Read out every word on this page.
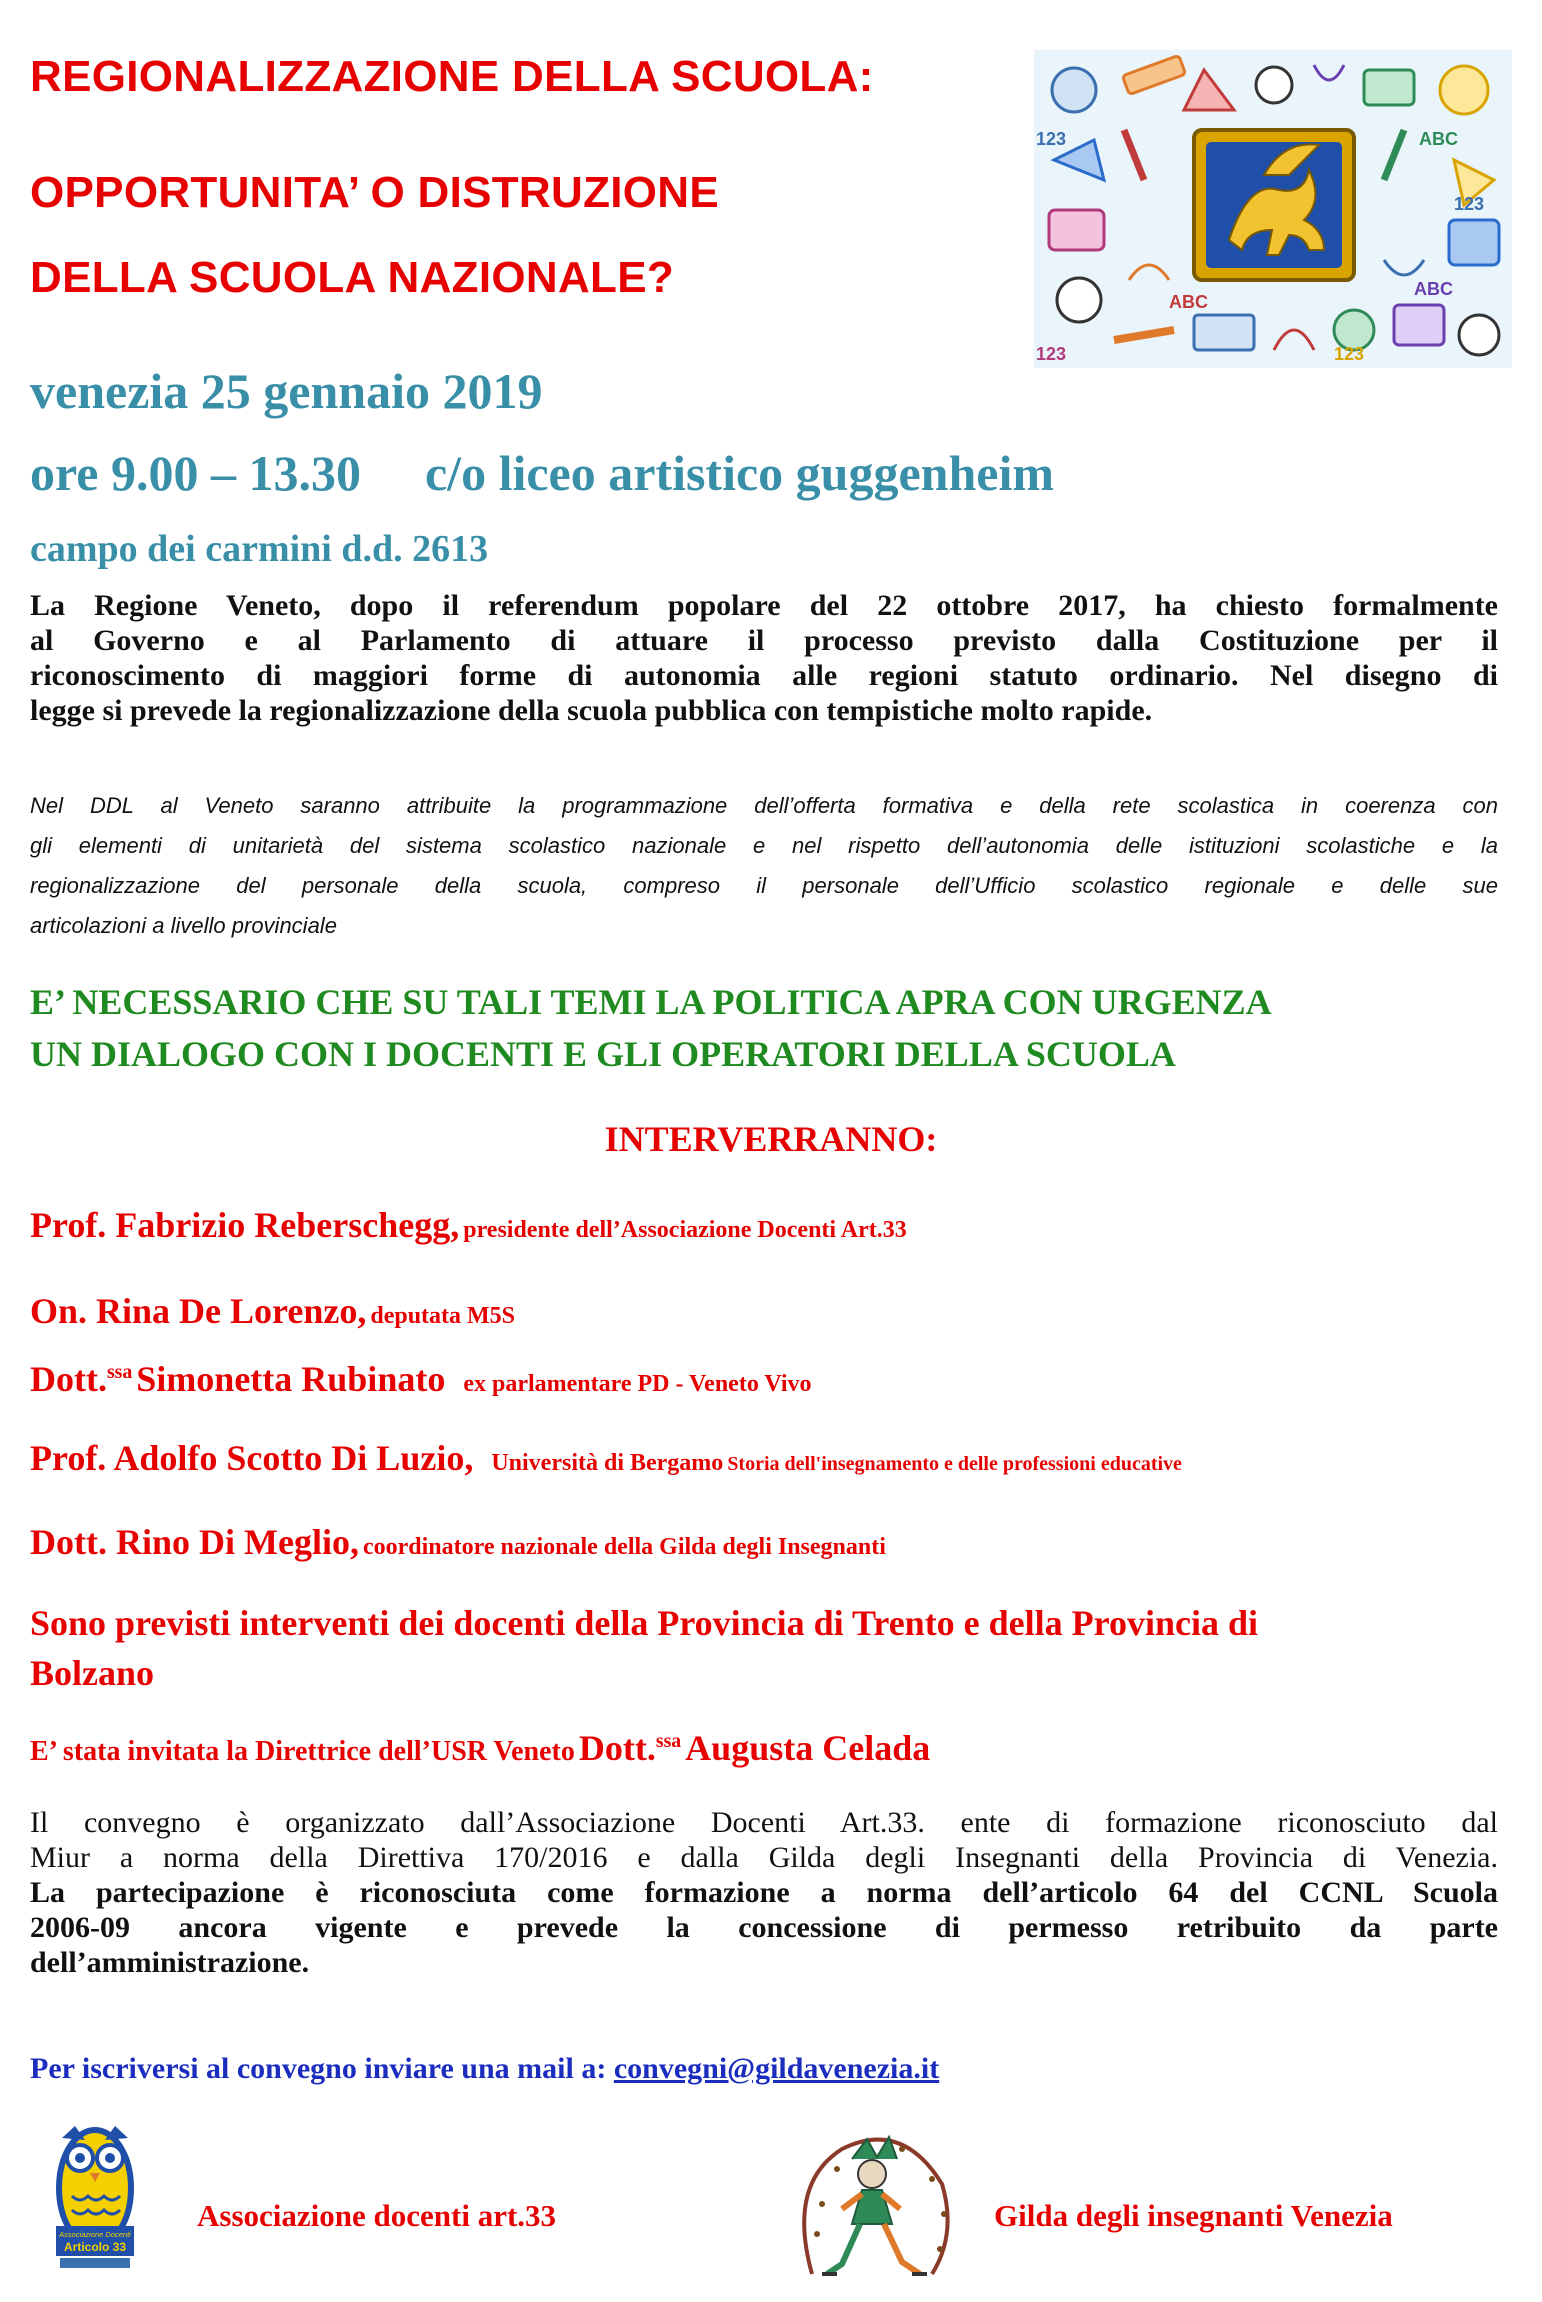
REGIONALIZZAZIONE DELLA SCUOLA:
OPPORTUNITA’ O DISTRUZIONE
DELLA SCUOLA NAZIONALE?
123	ABC
ABC
ABC
123
123	123
venezia 25 gennaio 2019
ore 9.00 – 13.30 c/o liceo artistico guggenheim
campo dei carmini d.d. 2613
La Regione Veneto, dopo il referendum popolare del 22 ottobre 2017, ha chiesto formalmente
al Governo e al Parlamento di attuare il processo previsto dalla Costituzione per il
riconoscimento di maggiori forme di autonomia alle regioni statuto ordinario. Nel disegno di
legge si prevede la regionalizzazione della scuola pubblica con tempistiche molto rapide.
Nel DDL al Veneto saranno attribuite la programmazione dell’offerta formativa e della rete scolastica in coerenza con
gli elementi di unitarietà del sistema scolastico nazionale e nel rispetto dell’autonomia delle istituzioni scolastiche e la
regionalizzazione del personale della scuola, compreso il personale dell’Ufficio scolastico regionale e delle sue
articolazioni a livello provinciale
E’ NECESSARIO CHE SU TALI TEMI LA POLITICA APRA CON URGENZA
UN DIALOGO CON I DOCENTI E GLI OPERATORI DELLA SCUOLA
INTERVERRANNO:
Prof. Fabrizio Reberschegg, presidente dell’Associazione Docenti Art.33
On. Rina De Lorenzo, deputata M5S
Dott.$^{ssa}$ Simonetta Rubinato ex parlamentare PD - Veneto Vivo
Prof. Adolfo Scotto Di Luzio, Università di Bergamo Storia dell'insegnamento e delle professioni educative
Dott. Rino Di Meglio, coordinatore nazionale della Gilda degli Insegnanti
Sono previsti interventi dei docenti della Provincia di Trento e della Provincia di
Bolzano
E’ stata invitata la Direttrice dell’USR Veneto Dott.$^{ssa}$ Augusta Celada
Il convegno è organizzato dall’Associazione Docenti Art.33. ente di formazione riconosciuto dal
Miur a norma della Direttiva 170/2016 e dalla Gilda degli Insegnanti della Provincia di Venezia.
La partecipazione è riconosciuta come formazione a norma dell’articolo 64 del CCNL Scuola
2006-09 ancora vigente e prevede la concessione di permesso retribuito da parte
dell’amministrazione.
Per iscriversi al convegno inviare una mail a: convegni@gildavenezia.it
Associazione Docenti
Articolo 33
Associazione docenti art.33	Gilda degli insegnanti Venezia
